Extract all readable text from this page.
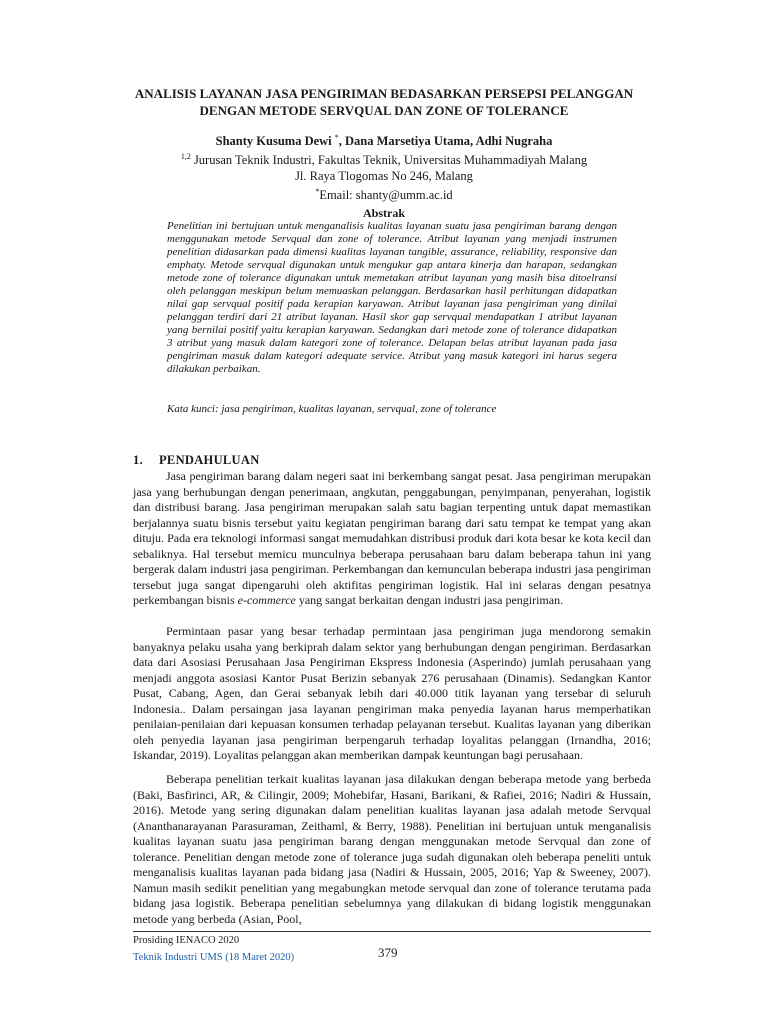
ANALISIS LAYANAN JASA PENGIRIMAN BEDASARKAN PERSEPSI PELANGGAN
DENGAN METODE SERVQUAL DAN ZONE OF TOLERANCE
Shanty Kusuma Dewi *, Dana Marsetiya Utama, Adhi Nugraha
$^{1,2}$ Jurusan Teknik Industri, Fakultas Teknik, Universitas Muhammadiyah Malang
Jl. Raya Tlogomas No 246, Malang
*Email: shanty@umm.ac.id
Abstrak

Penelitian ini bertujuan untuk menganalisis kualitas layanan suatu jasa pengiriman barang dengan menggunakan metode Servqual dan zone of tolerance. Atribut layanan yang menjadi instrumen penelitian didasarkan pada dimensi kualitas layanan tangible, assurance, reliability, responsive dan emphaty. Metode servqual digunakan untuk mengukur gap antara kinerja dan harapan, sedangkan metode zone of tolerance digunakan untuk memetakan atribut layanan yang masih bisa ditoelransi oleh pelanggan meskipun belum memuaskan pelanggan. Berdasarkan hasil perhitungan didapatkan nilai gap servqual positif pada kerapian karyawan. Atribut layanan jasa pengiriman yang dinilai pelanggan terdiri dari 21 atribut layanan. Hasil skor gap servqual mendapatkan 1 atribut layanan yang bernilai positif yaitu kerapian karyawan. Sedangkan dari metode zone of tolerance didapatkan 3 atribut yang masuk dalam kategori zone of tolerance. Delapan belas atribut layanan pada jasa pengiriman masuk dalam kategori adequate service. Atribut yang masuk kategori ini harus segera dilakukan perbaikan.

Kata kunci: jasa pengiriman, kualitas layanan, servqual, zone of tolerance

1. PENDAHULUAN

Jasa pengiriman barang dalam negeri saat ini berkembang sangat pesat. Jasa pengiriman merupakan jasa yang berhubungan dengan penerimaan, angkutan, penggabungan, penyimpanan, penyerahan, logistik dan distribusi barang. Jasa pengiriman merupakan salah satu bagian terpenting untuk dapat memastikan berjalannya suatu bisnis tersebut yaitu kegiatan pengiriman barang dari satu tempat ke tempat yang akan dituju. Pada era teknologi informasi sangat memudahkan distribusi produk dari kota besar ke kota kecil dan sebaliknya. Hal tersebut memicu munculnya beberapa perusahaan baru dalam beberapa tahun ini yang bergerak dalam industri jasa pengiriman. Perkembangan dan kemunculan beberapa industri jasa pengiriman tersebut juga sangat dipengaruhi oleh aktifitas pengiriman logistik. Hal ini selaras dengan pesatnya perkembangan bisnis e-commerce yang sangat berkaitan dengan industri jasa pengiriman.

Permintaan pasar yang besar terhadap permintaan jasa pengiriman juga mendorong semakin banyaknya pelaku usaha yang berkiprah dalam sektor yang berhubungan dengan pengiriman. Berdasarkan data dari Asosiasi Perusahaan Jasa Pengiriman Ekspress Indonesia (Asperindo) jumlah perusahaan yang menjadi anggota asosiasi Kantor Pusat Berizin sebanyak 276 perusahaan (Dinamis). Sedangkan Kantor Pusat, Cabang, Agen, dan Gerai sebanyak lebih dari 40.000 titik layanan yang tersebar di seluruh Indonesia.. Dalam persaingan jasa layanan pengiriman maka penyedia layanan harus memperhatikan penilaian-penilaian dari kepuasan konsumen terhadap pelayanan tersebut. Kualitas layanan yang diberikan oleh penyedia layanan jasa pengiriman berpengaruh terhadap loyalitas pelanggan (Irnandha, 2016; Iskandar, 2019). Loyalitas pelanggan akan memberikan dampak keuntungan bagi perusahaan.

Beberapa penelitian terkait kualitas layanan jasa dilakukan dengan beberapa metode yang berbeda (Baki, Basfirinci, AR, & Cilingir, 2009; Mohebifar, Hasani, Barikani, & Rafiei, 2016; Nadiri & Hussain, 2016). Metode yang sering digunakan dalam penelitian kualitas layanan jasa adalah metode Servqual (Ananthanarayanan Parasuraman, Zeithaml, & Berry, 1988). Penelitian ini bertujuan untuk menganalisis kualitas layanan suatu jasa pengiriman barang dengan menggunakan metode Servqual dan zone of tolerance. Penelitian dengan metode zone of tolerance juga sudah digunakan oleh beberapa peneliti untuk menganalisis kualitas layanan pada bidang jasa (Nadiri & Hussain, 2005, 2016; Yap & Sweeney, 2007). Namun masih sedikit penelitian yang megabungkan metode servqual dan zone of tolerance terutama pada bidang jasa logistik. Beberapa penelitian sebelumnya yang dilakukan di bidang logistik menggunakan metode yang berbeda (Asian, Pool,

Prosiding IENACO 2020
Teknik Industri UMS (18 Maret 2020)	379
